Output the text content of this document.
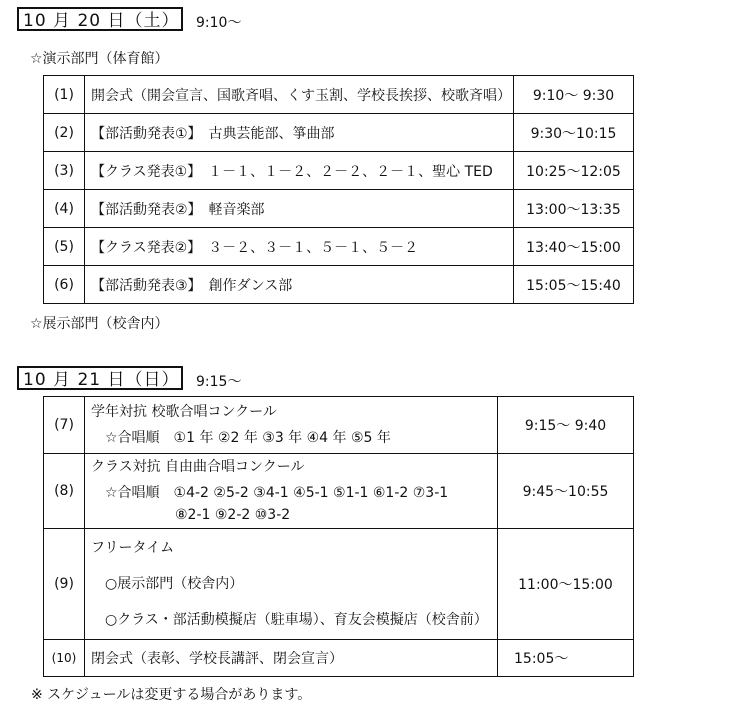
10 月 20 日（土） 9:10～
☆演示部門（体育館）
(1)	開会式（開会宣言、国歌斉唱、くす玉割、学校長挨拶、校歌斉唱）	9:10～ 9:30
(2)	【部活動発表①】　古典芸能部、箏曲部	9:30～10:15
(3)	【クラス発表①】　１－１、１－２、２－２、２－１、聖心 TED	10:25～12:05
(4)	【部活動発表②】　軽音楽部	13:00～13:35
(5)	【クラス発表②】　３－２、３－１、５－１、５－２	13:40～15:00
(6)	【部活動発表③】　創作ダンス部	15:05～15:40
☆展示部門（校舎内）
10 月 21 日（日） 9:15～
(7)	学年対抗 校歌合唱コンクール
　☆合唱順　①1 年 ②2 年 ③3 年 ④4 年 ⑤5 年	9:15～ 9:40
(8)	クラス対抗 自由曲合唱コンクール
　☆合唱順　①4-2 ②5-2 ③4-1 ④5-1 ⑤1-1 ⑥1-2 ⑦3-1
　　　　　　⑧2-1 ⑨2-2 ⑩3-2	9:45～10:55
(9)	フリータイム
　○展示部門（校舎内）
　○クラス・部活動模擬店（駐車場）、育友会模擬店（校舎前）	11:00～15:00
(10)	閉会式（表彰、学校長講評、閉会宣言）	15:05～
※ スケジュールは変更する場合があります。
